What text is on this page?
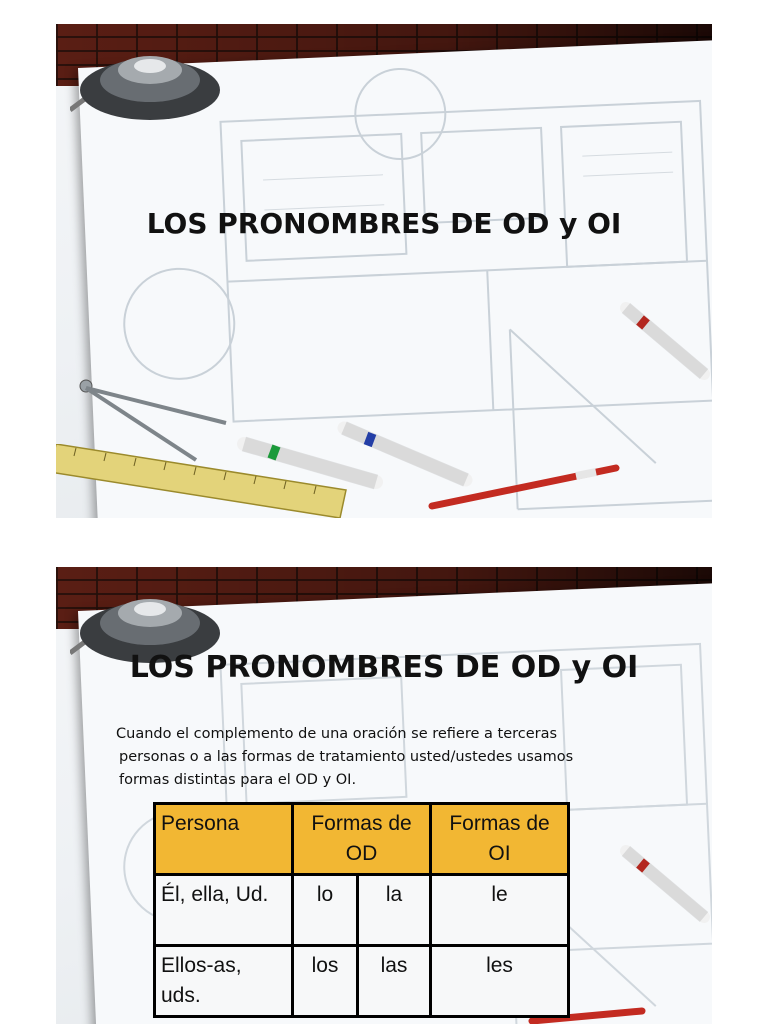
LOS PRONOMBRES DE OD y OI
LOS PRONOMBRES DE OD y OI
Cuando el complemento de una oración se refiere a terceras
personas o a las formas de tratamiento usted/ustedes usamos
formas distintas para el OD y OI.
Persona	Formas de OD		Formas de OI
Él, ella, Ud.	lo	la	le
Ellos-as, uds.	los	las	les
